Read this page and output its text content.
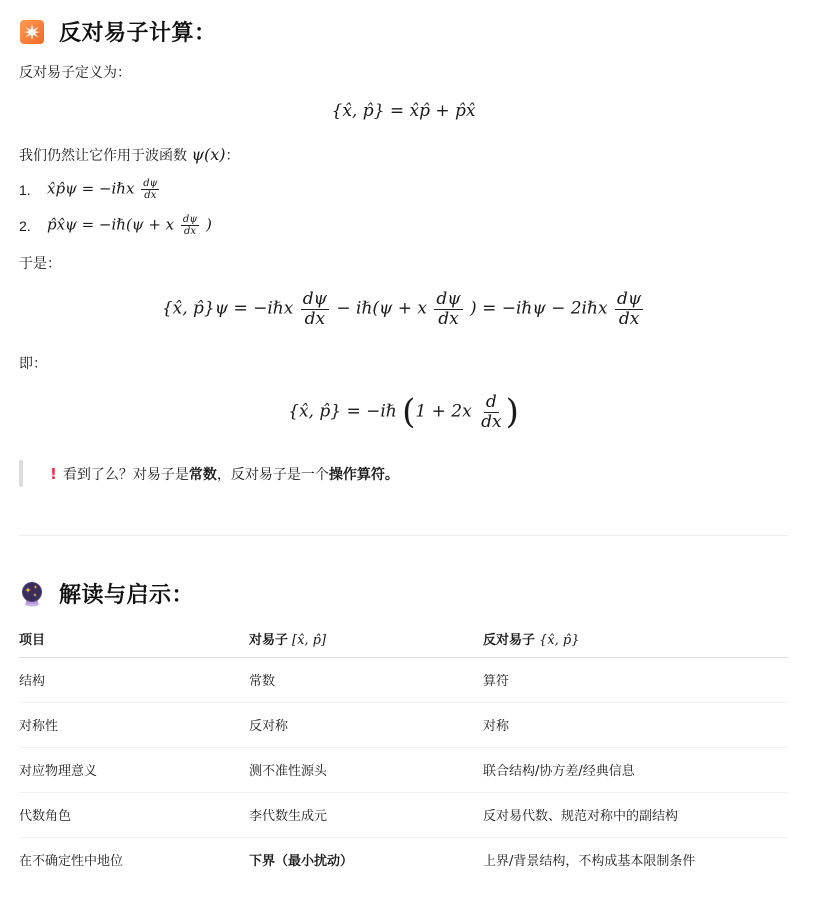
反对易子计算：
反对易子定义为：
{x̂, p̂} = x̂p̂ + p̂x̂
我们仍然让它作用于波函数 ψ(x)：
1.	x̂p̂ψ = −iℏx $\frac{d\psi}{dx}$
2.	p̂x̂ψ = −iℏ(ψ + x $\frac{d\psi}{dx}$ )
于是：
{x̂, p̂}ψ = −iℏx $\frac{d\psi}{dx}$ − iℏ(ψ + x $\frac{d\psi}{dx}$ ) = −iℏψ − 2iℏx $\frac{d\psi}{dx}$
即：
{x̂, p̂} = −iℏ ($1 + 2x \frac{d}{dx}$ )
! 看到了么？对易子是 常数 ，反对易子是一个 操作算符。
解读与启示：
项目	对易子 [x̂, p̂]	反对易子 {x̂, p̂}
结构	常数	算符
对称性	反对称	对称
对应物理意义	测不准性源头	联合结构/协方差/经典信息
代数角色	李代数生成元	反对易代数、规范对称中的副结构
在不确定性中地位	下界（最小扰动）	上界/背景结构，不构成基本限制条件
